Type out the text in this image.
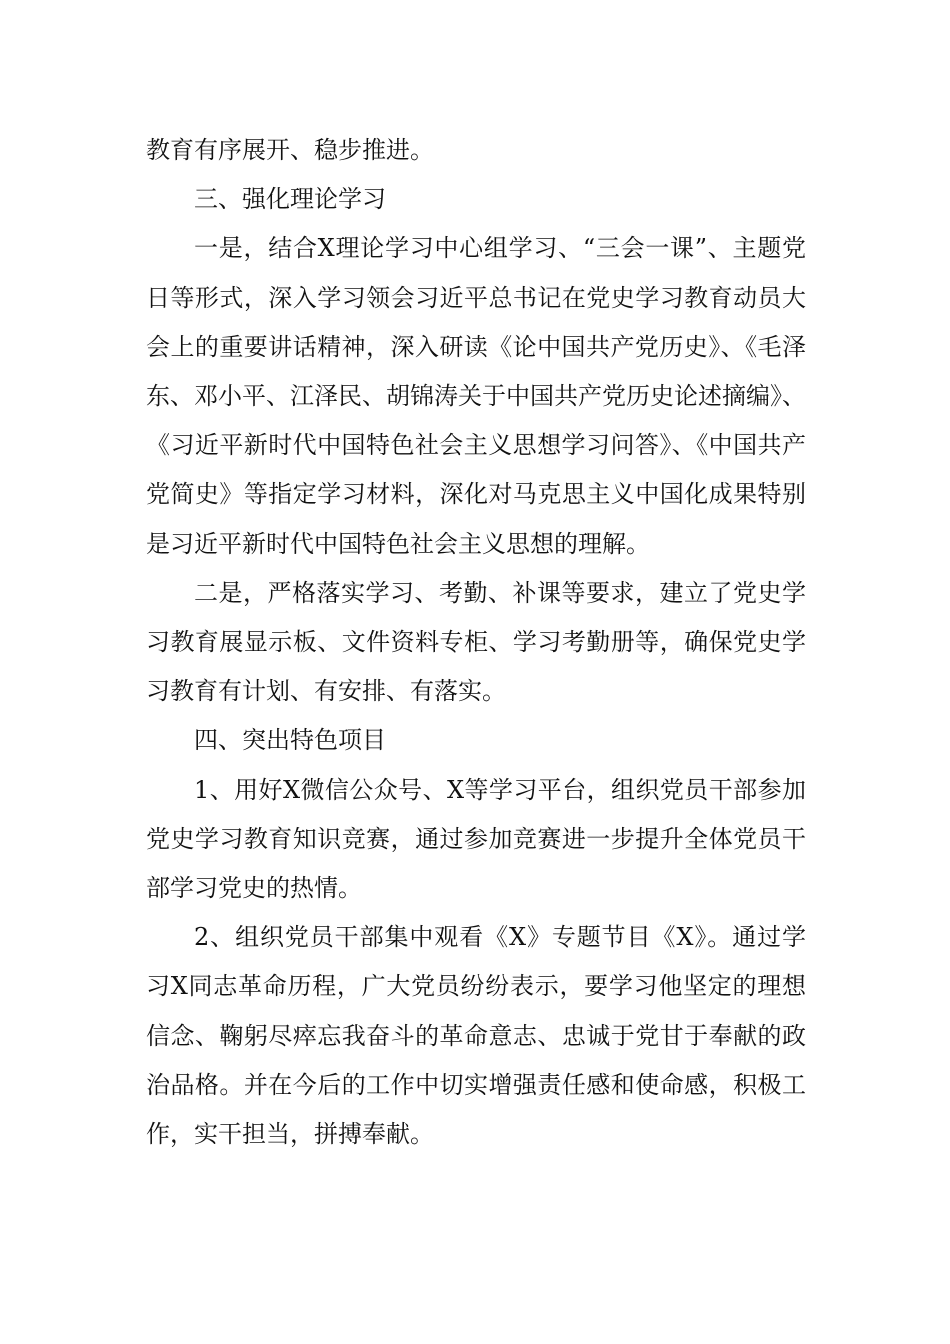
教育有序展开、稳步推进。

三、强化理论学习

一是，结合X理论学习中心组学习、“三会一课”、主题党日等形式，深入学习领会习近平总书记在党史学习教育动员大会上的重要讲话精神，深入研读《论中国共产党历史》、《毛泽东、邓小平、江泽民、胡锦涛关于中国共产党历史论述摘编》、《习近平新时代中国特色社会主义思想学习问答》、《中国共产党简史》等指定学习材料，深化对马克思主义中国化成果特别是习近平新时代中国特色社会主义思想的理解。

二是，严格落实学习、考勤、补课等要求，建立了党史学习教育展显示板、文件资料专柜、学习考勤册等，确保党史学习教育有计划、有安排、有落实。

四、突出特色项目

1、用好X微信公众号、X等学习平台，组织党员干部参加党史学习教育知识竞赛，通过参加竞赛进一步提升全体党员干部学习党史的热情。

2、组织党员干部集中观看《X》专题节目《X》。通过学习X同志革命历程，广大党员纷纷表示，要学习他坚定的理想信念、鞠躬尽瘁忘我奋斗的革命意志、忠诚于党甘于奉献的政治品格。并在今后的工作中切实增强责任感和使命感，积极工作，实干担当，拼搏奉献。
